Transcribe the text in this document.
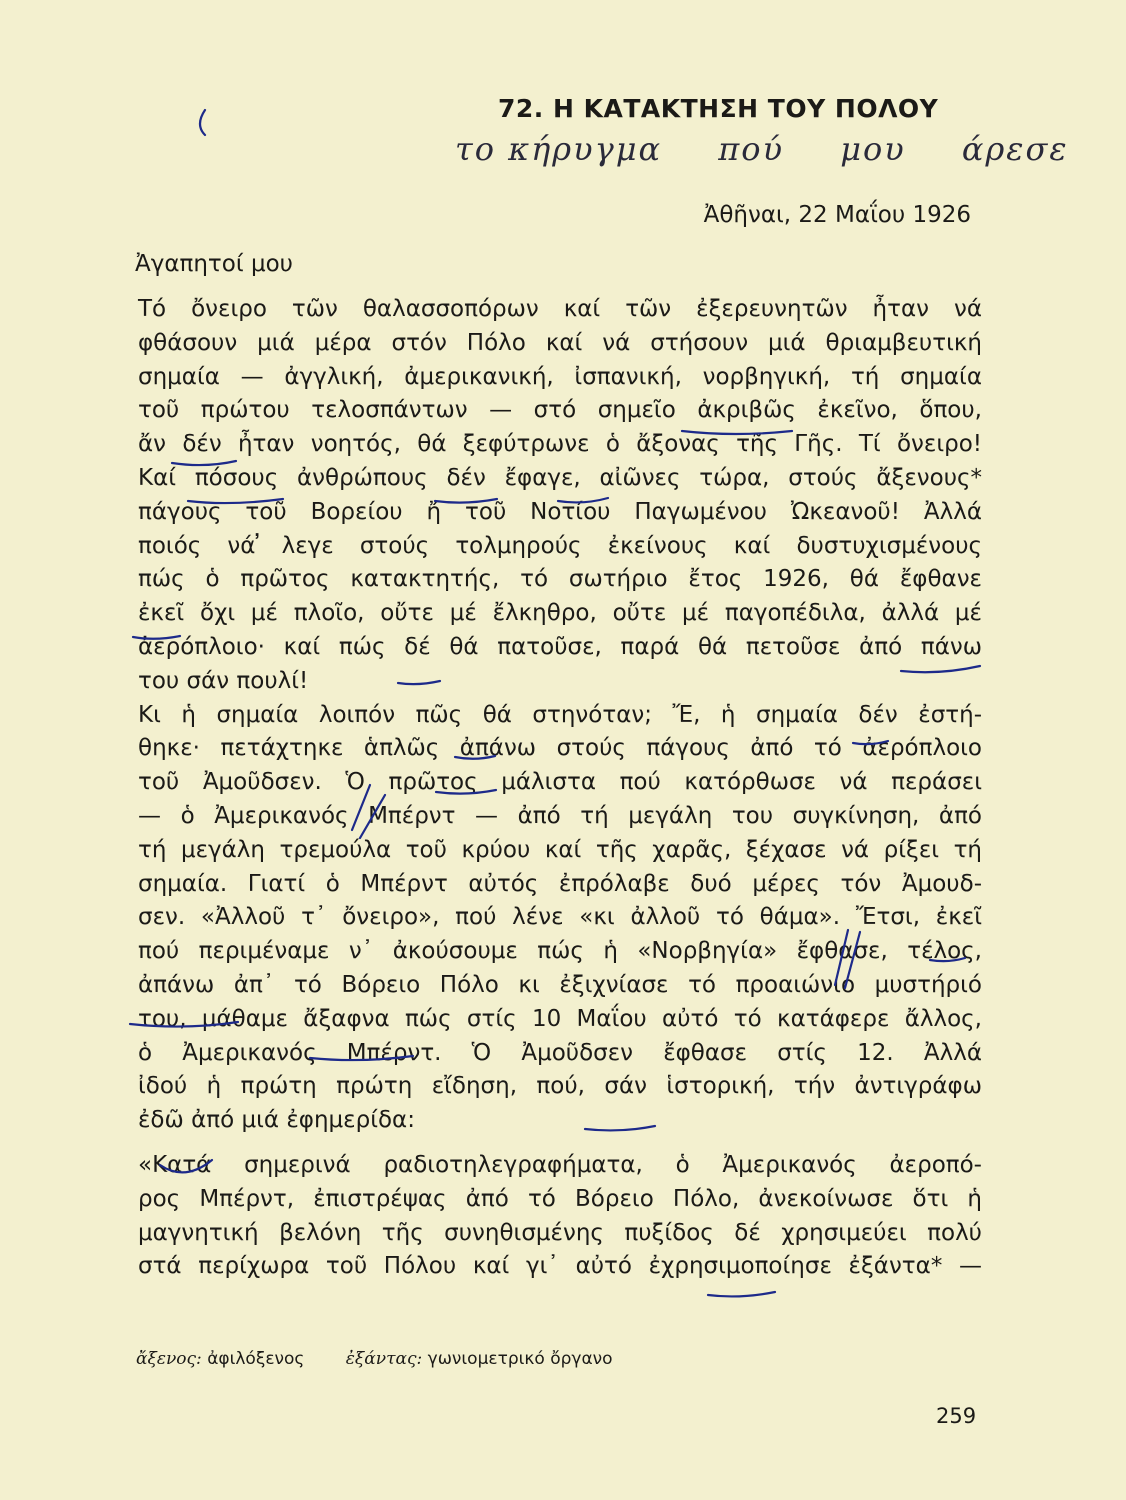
72. Η ΚΑΤΑΚΤΗΣΗ ΤΟΥ ΠΟΛΟΥ
το κήρυγμα πού μου άρεσε
Ἀθῆναι, 22 Μαΐου 1926
Ἀγαπητοί μου
Τό ὄνειρο τῶν θαλασσοπόρων καί τῶν ἐξερευνητῶν ἦταν νά
φθάσουν μιά μέρα στόν Πόλο καί νά στήσουν μιά θριαμβευτική
σημαία — ἀγγλική, ἀμερικανική, ἰσπανική, νορβηγική, τή σημαία
τοῦ πρώτου τελοσπάντων — στό σημεῖο ἀκριβῶς ἐκεῖνο, ὅπου,
ἄν δέν ἦταν νοητός, θά ξεφύτρωνε ὁ ἄξονας τῆς Γῆς. Τί ὄνειρο!
Καί πόσους ἀνθρώπους δέν ἔφαγε, αἰῶνες τώρα, στούς ἄξενους*
πάγους τοῦ Βορείου ἤ τοῦ Νοτίου Παγωμένου Ὠκεανοῦ! Ἀλλά
ποιός νά ̓λεγε στούς τολμηρούς ἐκείνους καί δυστυχισμένους
πώς ὁ πρῶτος κατακτητής, τό σωτήριο ἔτος 1926, θά ἔφθανε
ἐκεῖ ὄχι μέ πλοῖο, οὔτε μέ ἔλκηθρο, οὔτε μέ παγοπέδιλα, ἀλλά μέ
ἀερόπλοιο· καί πώς δέ θά πατοῦσε, παρά θά πετοῦσε ἀπό πάνω
του σάν πουλί!
Κι ἡ σημαία λοιπόν πῶς θά στηνόταν; Ἔ, ἡ σημαία δέν ἐστή-
θηκε· πετάχτηκε ἁπλῶς ἀπάνω στούς πάγους ἀπό τό ἀερόπλοιο
τοῦ Ἀμοῦδσεν. Ὁ πρῶτος μάλιστα πού κατόρθωσε νά περάσει
— ὁ Ἀμερικανός Μπέρντ — ἀπό τή μεγάλη του συγκίνηση, ἀπό
τή μεγάλη τρεμούλα τοῦ κρύου καί τῆς χαρᾶς, ξέχασε νά ρίξει τή
σημαία. Γιατί ὁ Μπέρντ αὐτός ἐπρόλαβε δυό μέρες τόν Ἀμουδ-
σεν. «Ἀλλοῦ τ᾿ ὄνειρο», πού λένε «κι ἀλλοῦ τό θάμα». Ἔτσι, ἐκεῖ
πού περιμέναμε ν᾿ ἀκούσουμε πώς ἡ «Νορβηγία» ἔφθασε, τέλος,
ἀπάνω ἀπ᾿ τό Βόρειο Πόλο κι ἐξιχνίασε τό προαιώνιο μυστήριό
του, μάθαμε ἄξαφνα πώς στίς 10 Μαΐου αὐτό τό κατάφερε ἄλλος,
ὁ Ἀμερικανός Μπέρντ. Ὁ Ἀμοῦδσεν ἔφθασε στίς 12. Ἀλλά
ἰδού ἡ πρώτη πρώτη εἴδηση, πού, σάν ἱστορική, τήν ἀντιγράφω
ἐδῶ ἀπό μιά ἐφημερίδα:
«Κατά σημερινά ραδιοτηλεγραφήματα, ὁ Ἀμερικανός ἀεροπό-
ρος Μπέρντ, ἐπιστρέψας ἀπό τό Βόρειο Πόλο, ἀνεκοίνωσε ὅτι ἡ
μαγνητική βελόνη τῆς συνηθισμένης πυξίδος δέ χρησιμεύει πολύ
στά περίχωρα τοῦ Πόλου καί γι᾿ αὐτό ἐχρησιμοποίησε ἐξάντα* —
ἄξενος: ἀφιλόξενος ἐξάντας: γωνιομετρικό ὄργανο
259
